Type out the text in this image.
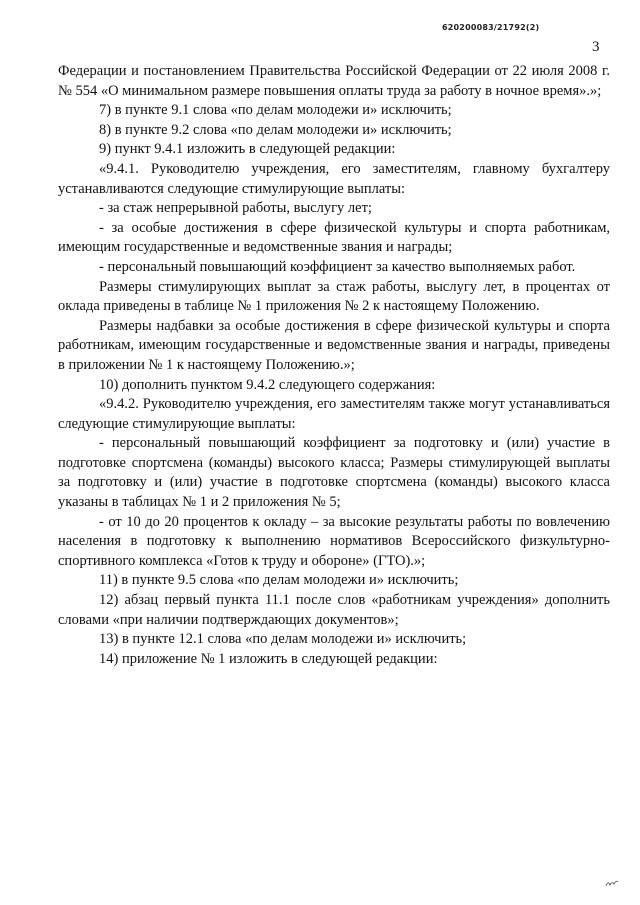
620200083/21792(2)
3

Федерации и постановлением Правительства Российской Федерации от 22 июля 2008 г. № 554 «О минимальном размере повышения оплаты труда за работу в ночное время».»;

7) в пункте 9.1 слова «по делам молодежи и» исключить;

8) в пункте 9.2 слова «по делам молодежи и» исключить;

9) пункт 9.4.1 изложить в следующей редакции:

«9.4.1. Руководителю учреждения, его заместителям, главному бухгалтеру устанавливаются следующие стимулирующие выплаты:

- за стаж непрерывной работы, выслугу лет;

- за особые достижения в сфере физической культуры и спорта работникам, имеющим государственные и ведомственные звания и награды;

- персональный повышающий коэффициент за качество выполняемых работ.

Размеры стимулирующих выплат за стаж работы, выслугу лет, в процентах от оклада приведены в таблице № 1 приложения № 2 к настоящему Положению.

Размеры надбавки за особые достижения в сфере физической культуры и спорта работникам, имеющим государственные и ведомственные звания и награды, приведены в приложении № 1 к настоящему Положению.»;

10) дополнить пунктом 9.4.2 следующего содержания:

«9.4.2. Руководителю учреждения, его заместителям также могут устанавливаться следующие стимулирующие выплаты:

- персональный повышающий коэффициент за подготовку и (или) участие в подготовке спортсмена (команды) высокого класса; Размеры стимулирующей выплаты за подготовку и (или) участие в подготовке спортсмена (команды) высокого класса указаны в таблицах № 1 и 2 приложения № 5;

- от 10 до 20 процентов к окладу – за высокие результаты работы по вовлечению населения в подготовку к выполнению нормативов Всероссийского физкультурно-спортивного комплекса «Готов к труду и обороне» (ГТО).»;

11) в пункте 9.5 слова «по делам молодежи и» исключить;

12) абзац первый пункта 11.1 после слов «работникам учреждения» дополнить словами «при наличии подтверждающих документов»;

13) в пункте 12.1 слова «по делам молодежи и» исключить;

14) приложение № 1 изложить в следующей редакции:
